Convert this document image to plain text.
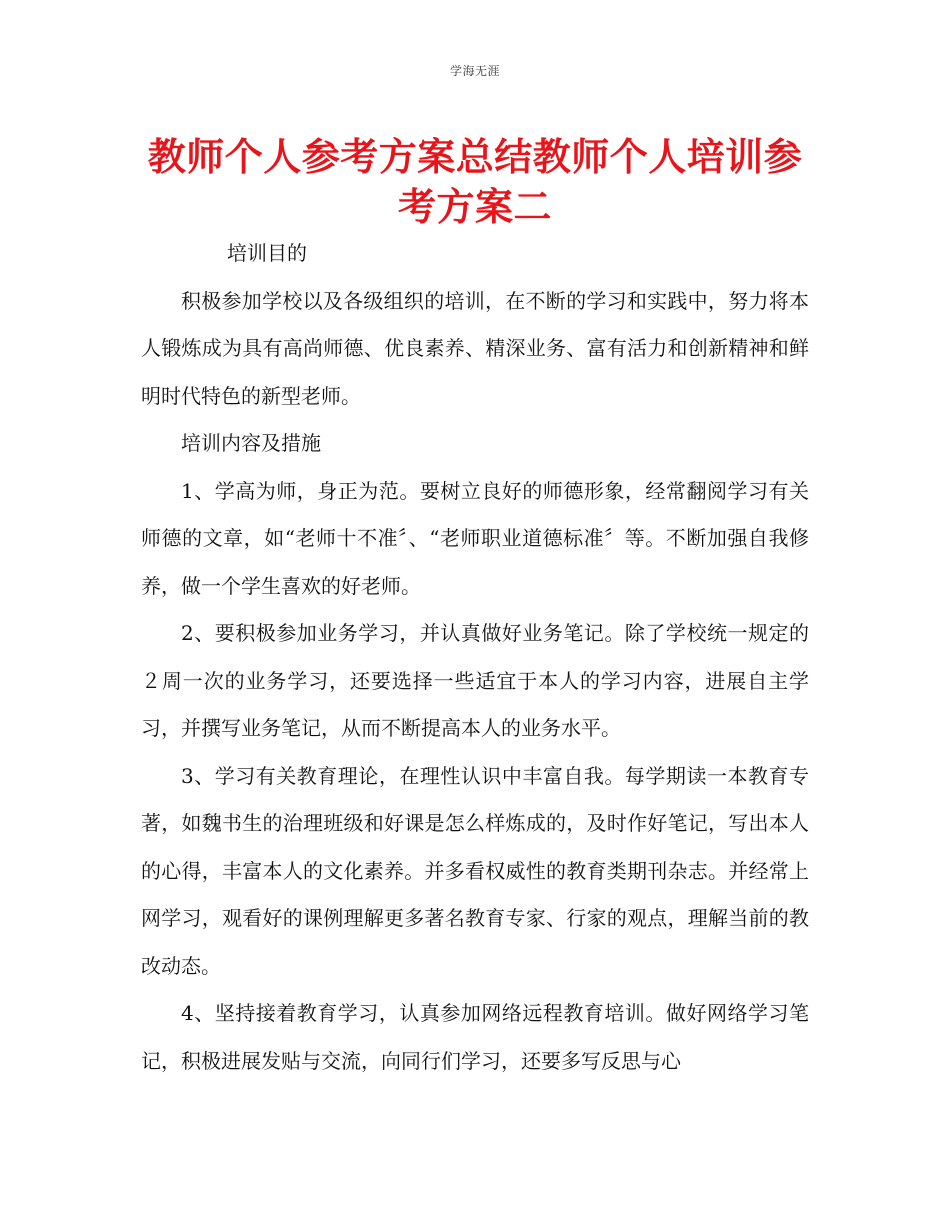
学海无涯
教师个人参考方案总结教师个人培训参考方案二

培训目的

积极参加学校以及各级组织的培训，在不断的学习和实践中，努力将本人锻炼成为具有高尚师德、优良素养、精深业务、富有活力和创新精神和鲜明时代特色的新型老师。

培训内容及措施

1、学高为师，身正为范。要树立良好的师德形象，经常翻阅学习有关师德的文章，如“老师十不准〞、“老师职业道德标准〞等。不断加强自我修养，做一个学生喜欢的好老师。

2、要积极参加业务学习，并认真做好业务笔记。除了学校统一规定的２周一次的业务学习，还要选择一些适宜于本人的学习内容，进展自主学习，并撰写业务笔记，从而不断提高本人的业务水平。

3、学习有关教育理论，在理性认识中丰富自我。每学期读一本教育专著，如魏书生的治理班级和好课是怎么样炼成的，及时作好笔记，写出本人的心得，丰富本人的文化素养。并多看权威性的教育类期刊杂志。并经常上网学习，观看好的课例理解更多著名教育专家、行家的观点，理解当前的教改动态。

4、坚持接着教育学习，认真参加网络远程教育培训。做好网络学习笔记，积极进展发贴与交流，向同行们学习，还要多写反思与心
